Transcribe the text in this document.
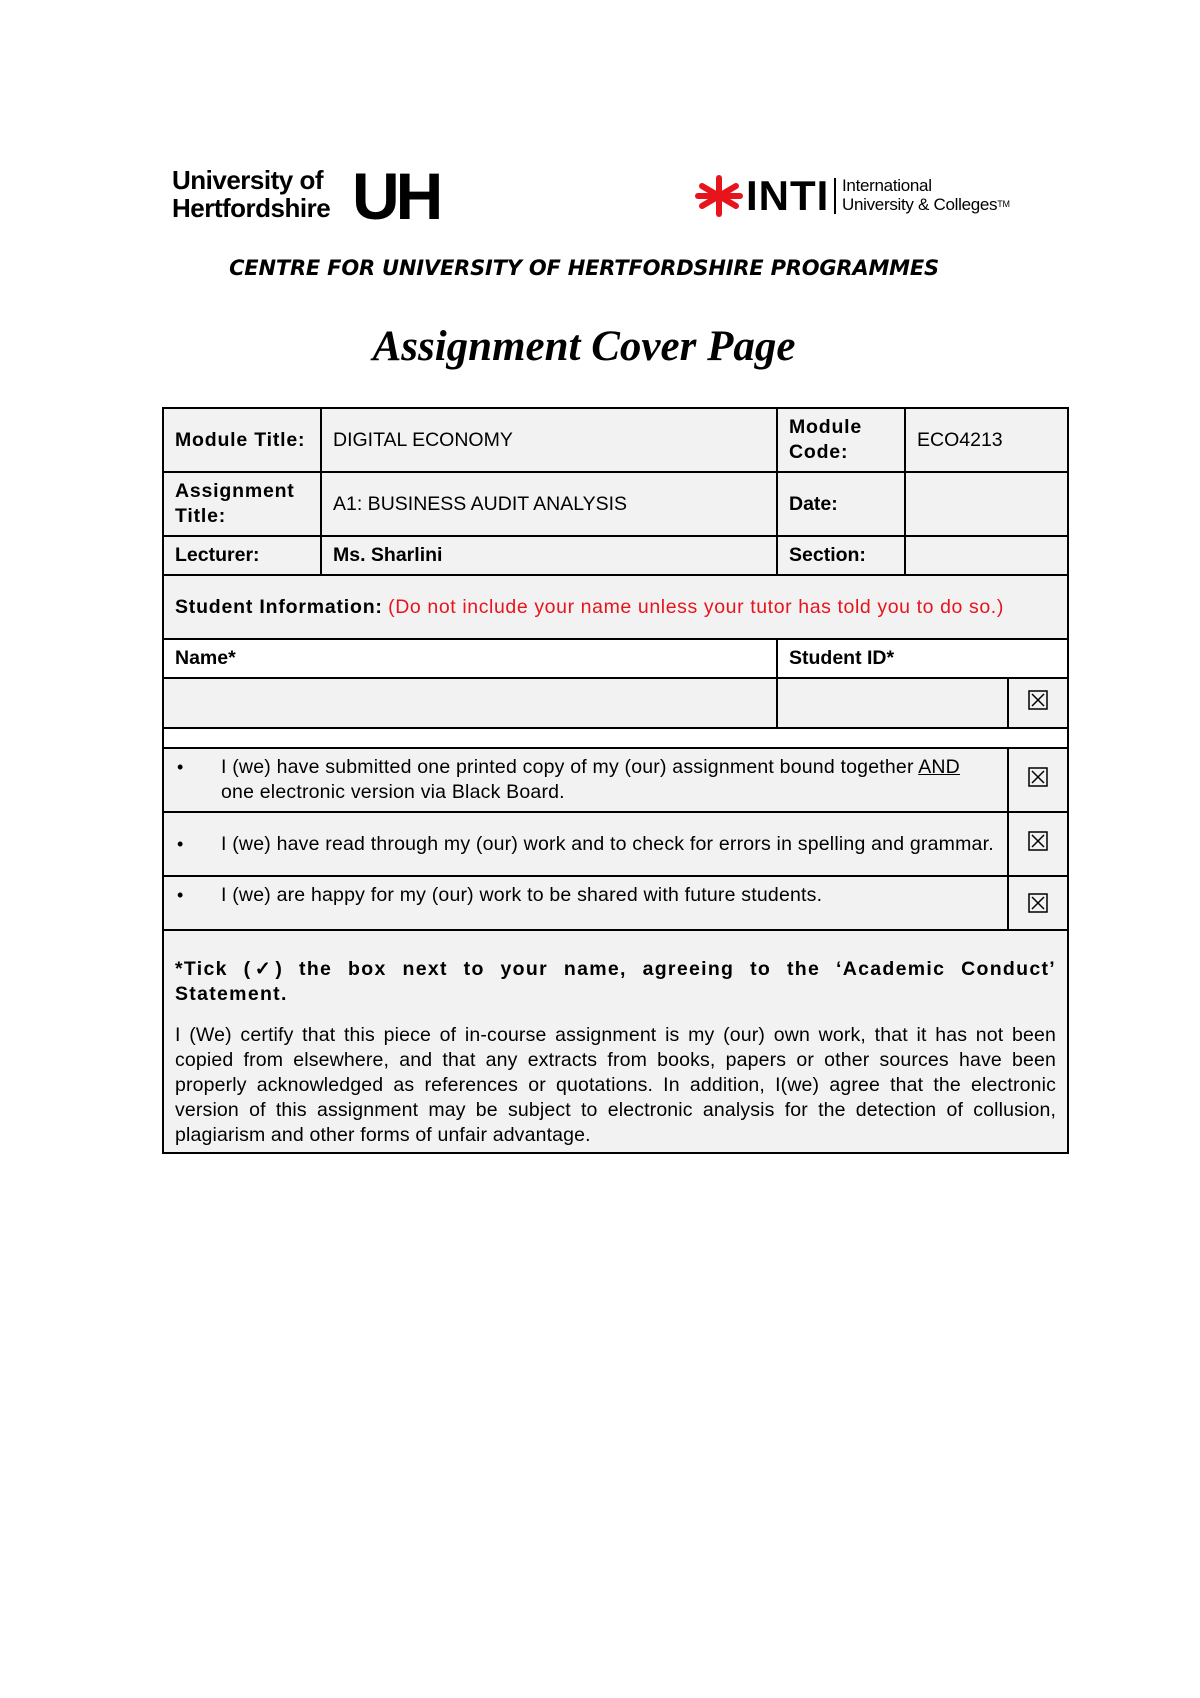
University of
Hertfordshire UH	INTI International
University & Colleges™
CENTRE FOR UNIVERSITY OF HERTFORDSHIRE PROGRAMMES
Assignment Cover Page
Module Title:	DIGITAL ECONOMY	Module Code:	ECO4213	
Assignment Title:	A1: BUSINESS AUDIT ANALYSIS	Date:		
Lecturer:	Ms. Sharlini	Section:		
Student Information: (Do not include your name unless your tutor has told you to do so.)				
Name*		Student ID*		

• I (we) have submitted one printed copy of my (our) assignment bound together AND one electronic version via Black Board.

• I (we) have read through my (our) work and to check for errors in spelling and grammar.

• I (we) are happy for my (our) work to be shared with future students.

*Tick (✓) the box next to your name, agreeing to the ‘Academic Conduct’ Statement.
I (We) certify that this piece of in-course assignment is my (our) own work, that it has not been copied from elsewhere, and that any extracts from books, papers or other sources have been properly acknowledged as references or quotations. In addition, I(we) agree that the electronic version of this assignment may be subject to electronic analysis for the detection of collusion, plagiarism and other forms of unfair advantage.				
